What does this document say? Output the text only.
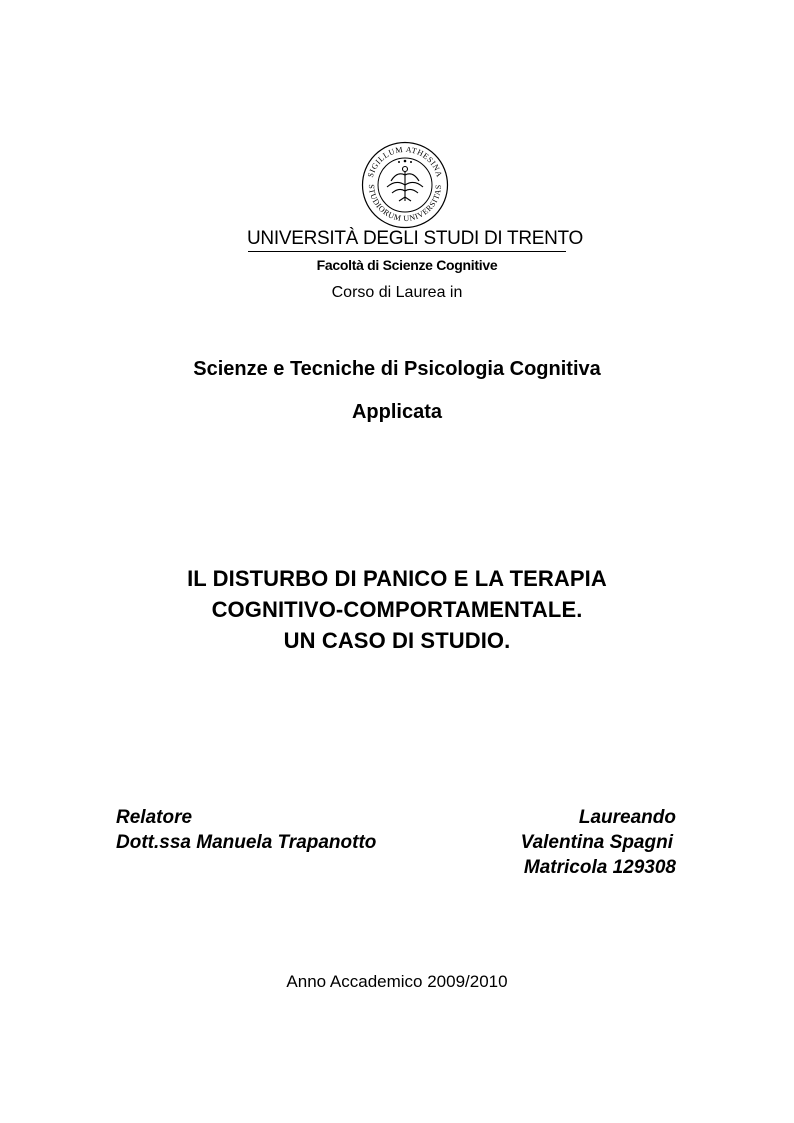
SIGILLUM ATHESINA
STUDIORUM UNIVERSITAS
UNIVERSITÀ DEGLI STUDI DI TRENTO
Facoltà di Scienze Cognitive
Corso di Laurea in
Scienze e Tecniche di Psicologia Cognitiva
Applicata
IL DISTURBO DI PANICO E LA TERAPIA
COGNITIVO-COMPORTAMENTALE.
UN CASO DI STUDIO.
Relatore
Dott.ssa Manuela Trapanotto
Laureando
Valentina Spagni
Matricola 129308
Anno Accademico 2009/2010
